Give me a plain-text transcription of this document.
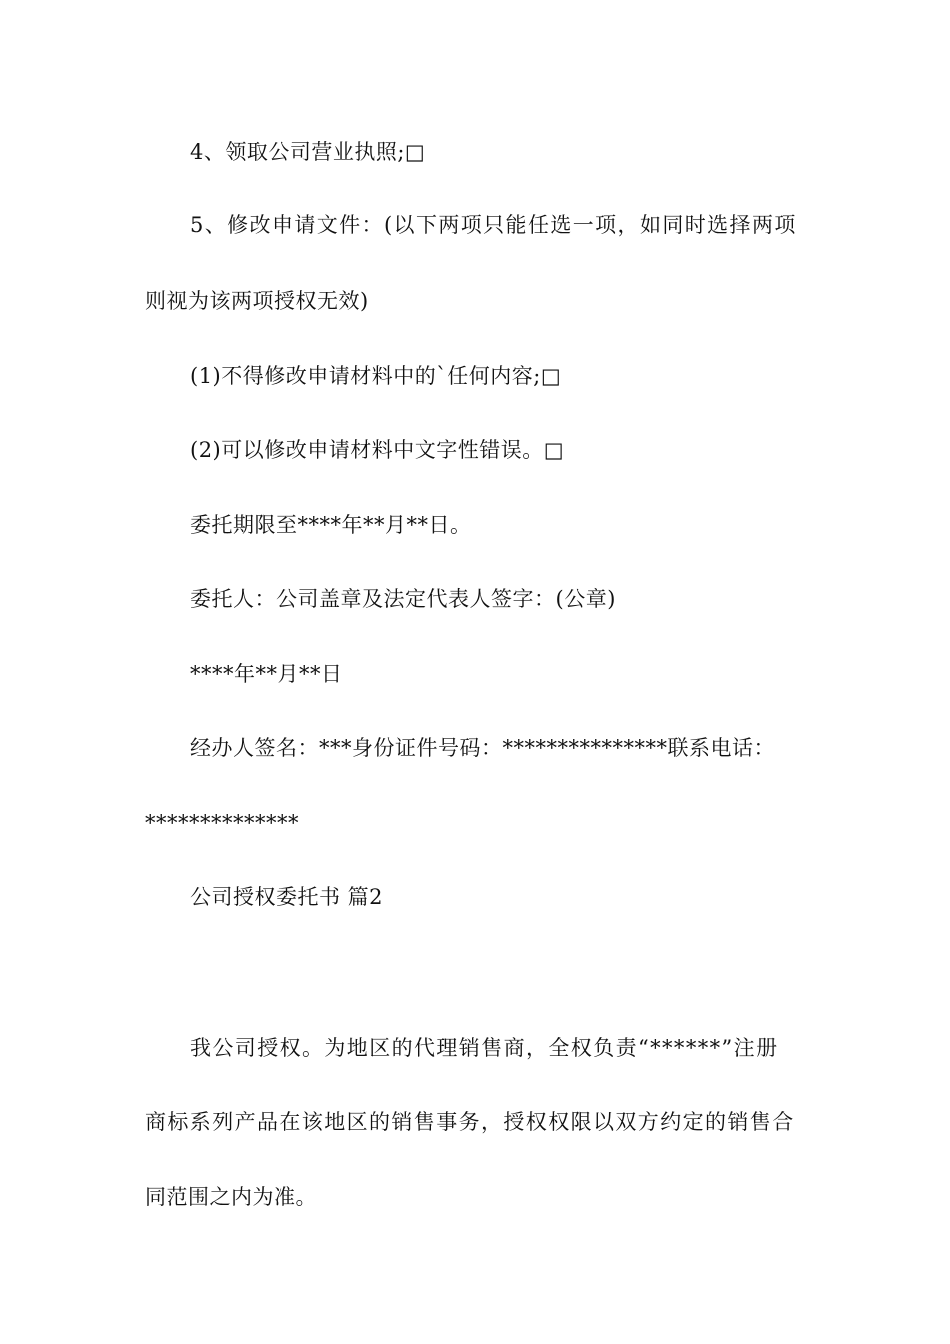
4、领取公司营业执照;□
5、修改申请文件：(以下两项只能任选一项，如同时选择两项
则视为该两项授权无效)
(1)不得修改申请材料中的`任何内容;□
(2)可以修改申请材料中文字性错误。□
委托期限至****年**月**日。
委托人：公司盖章及法定代表人签字：(公章)
****年**月**日
经办人签名：***身份证件号码：***************联系电话：
**************
公司授权委托书 篇2
我公司授权。为地区的代理销售商，全权负责“******”注册
商标系列产品在该地区的销售事务，授权权限以双方约定的销售合
同范围之内为准。
